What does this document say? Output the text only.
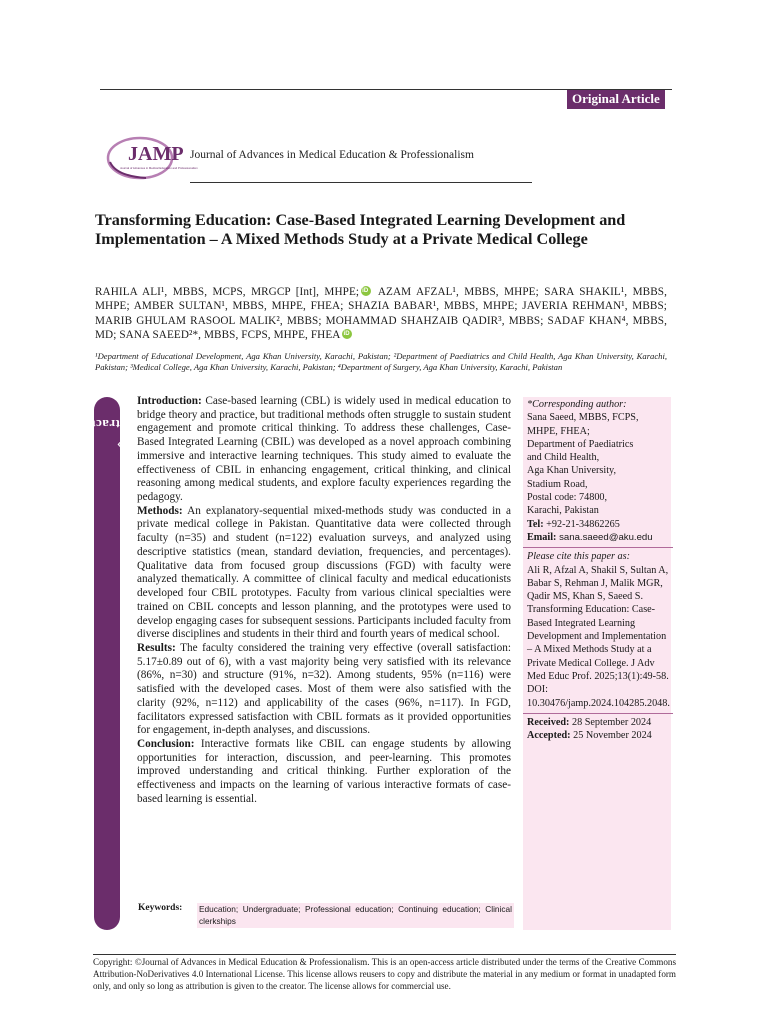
Original Article
JAMP
Journal of Advances in Medical Education and Professionalism
Journal of Advances in Medical Education & Professionalism
Transforming Education: Case-Based Integrated Learning Development and Implementation – A Mixed Methods Study at a Private Medical College
RAHILA ALI¹, MBBS, MCPS, MRGCP [Int], MHPE;iD AZAM AFZAL¹, MBBS, MHPE; SARA SHAKIL¹, MBBS, MHPE; AMBER SULTAN¹, MBBS, MHPE, FHEA; SHAZIA BABAR¹, MBBS, MHPE; JAVERIA REHMAN¹, MBBS; MARIB GHULAM RASOOL MALIK², MBBS; MOHAMMAD SHAHZAIB QADIR³, MBBS; SADAF KHAN⁴, MBBS, MD; SANA SAEED²*, MBBS, FCPS, MHPE, FHEAiD
¹Department of Educational Development, Aga Khan University, Karachi, Pakistan; ²Department of Paediatrics and Child Health, Aga Khan University, Karachi, Pakistan; ³Medical College, Aga Khan University, Karachi, Pakistan; ⁴Department of Surgery, Aga Khan University, Karachi, Pakistan
›
Abstract

Introduction: Case-based learning (CBL) is widely used in medical education to bridge theory and practice, but traditional methods often struggle to sustain student engagement and promote critical thinking. To address these challenges, Case-Based Integrated Learning (CBIL) was developed as a novel approach combining immersive and interactive learning techniques. This study aimed to evaluate the effectiveness of CBIL in enhancing engagement, critical thinking, and clinical reasoning among medical students, and explore faculty experiences regarding the pedagogy.

Methods: An explanatory-sequential mixed-methods study was conducted in a private medical college in Pakistan. Quantitative data were collected through faculty (n=35) and student (n=122) evaluation surveys, and analyzed using descriptive statistics (mean, standard deviation, frequencies, and percentages). Qualitative data from focused group discussions (FGD) with faculty were analyzed thematically. A committee of clinical faculty and medical educationists developed four CBIL prototypes. Faculty from various clinical specialties were trained on CBIL concepts and lesson planning, and the prototypes were used to develop engaging cases for subsequent sessions. Participants included faculty from diverse disciplines and students in their third and fourth years of medical school.

Results: The faculty considered the training very effective (overall satisfaction: 5.17±0.89 out of 6), with a vast majority being very satisfied with its relevance (86%, n=30) and structure (91%, n=32). Among students, 95% (n=116) were satisfied with the developed cases. Most of them were also satisfied with the clarity (92%, n=112) and applicability of the cases (96%, n=117). In FGD, facilitators expressed satisfaction with CBIL formats as it provided opportunities for engagement, in-depth analyses, and discussions.

Conclusion: Interactive formats like CBIL can engage students by allowing opportunities for interaction, discussion, and peer-learning. This promotes improved understanding and critical thinking. Further exploration of the effectiveness and impacts on the learning of various interactive formats of case-based learning is essential.

Keywords: Education; Undergraduate; Professional education; Continuing education; Clinical clerkships
*Corresponding author:
Sana Saeed, MBBS, FCPS, MHPE, FHEA;
Department of Paediatrics
and Child Health,
Aga Khan University,
Stadium Road,
Postal code: 74800,
Karachi, Pakistan
Tel: +92-21-34862265
Email: sana.saeed@aku.edu
Please cite this paper as:
Ali R, Afzal A, Shakil S, Sultan A, Babar S, Rehman J, Malik MGR, Qadir MS, Khan S, Saeed S. Transforming Education: Case-Based Integrated Learning Development and Implementation – A Mixed Methods Study at a Private Medical College. J Adv Med Educ Prof. 2025;13(1):49-58. DOI: 10.30476/jamp.2024.104285.2048.
Received: 28 September 2024
Accepted: 25 November 2024
Copyright: ©Journal of Advances in Medical Education & Professionalism. This is an open-access article distributed under the terms of the Creative Commons Attribution-NoDerivatives 4.0 International License. This license allows reusers to copy and distribute the material in any medium or format in unadapted form only, and only so long as attribution is given to the creator. The license allows for commercial use.
